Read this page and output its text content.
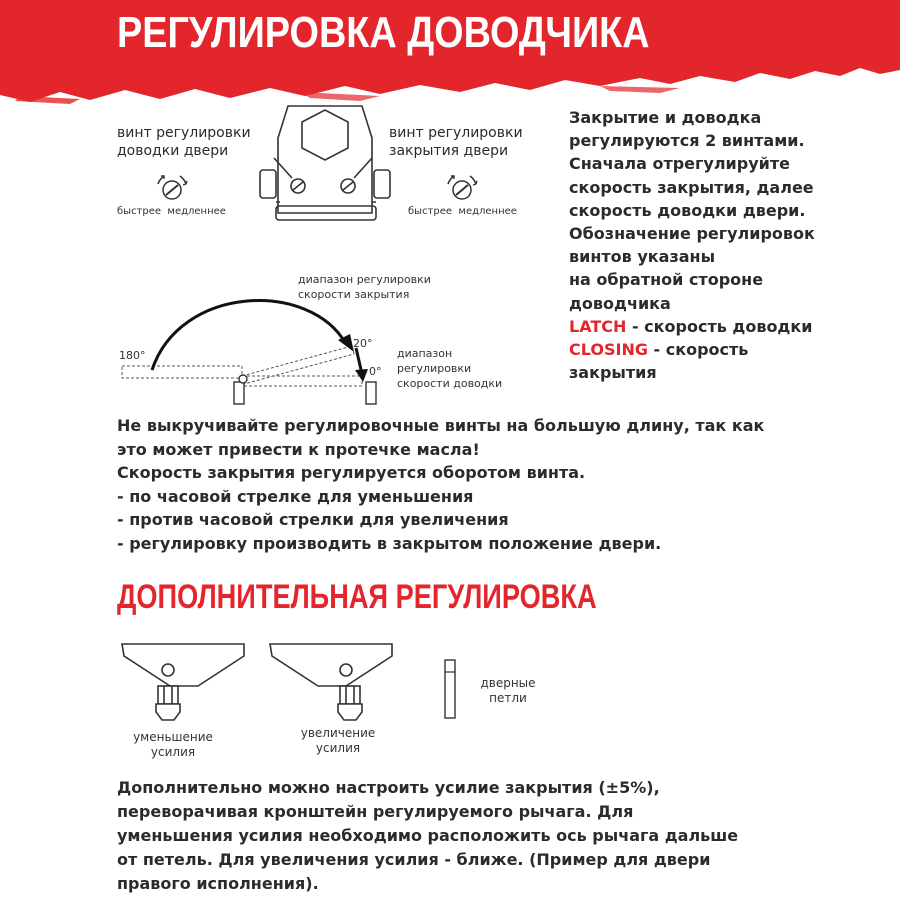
РЕГУЛИРОВКА ДОВОДЧИКА
винт регулировки
доводки двери
винт регулировки
закрытия двери
быстрее медленнее	быстрее медленнее
диапазон регулировки
скорости закрытия
диапазон
регулировки
скорости доводки
180°
20°
0°
Закрытие и доводка
регулируются 2 винтами.
Сначала отрегулируйте
скорость закрытия, далее
скорость доводки двери.
Обозначение регулировок
винтов указаны
на обратной стороне
доводчика
LATCH - скорость доводки
CLOSING - скорость
закрытия
Не выкручивайте регулировочные винты на большую длину, так как
это может привести к протечке масла!
Скорость закрытия регулируется оборотом винта.
- по часовой стрелке для уменьшения
- против часовой стрелки для увеличения
- регулировку производить в закрытом положение двери.
ДОПОЛНИТЕЛЬНАЯ РЕГУЛИРОВКА
уменьшение
усилия
увеличение
усилия
дверные
петли
Дополнительно можно настроить усилие закрытия (±5%),
переворачивая кронштейн регулируемого рычага. Для
уменьшения усилия необходимо расположить ось рычага дальше
от петель. Для увеличения усилия - ближе. (Пример для двери
правого исполнения).
